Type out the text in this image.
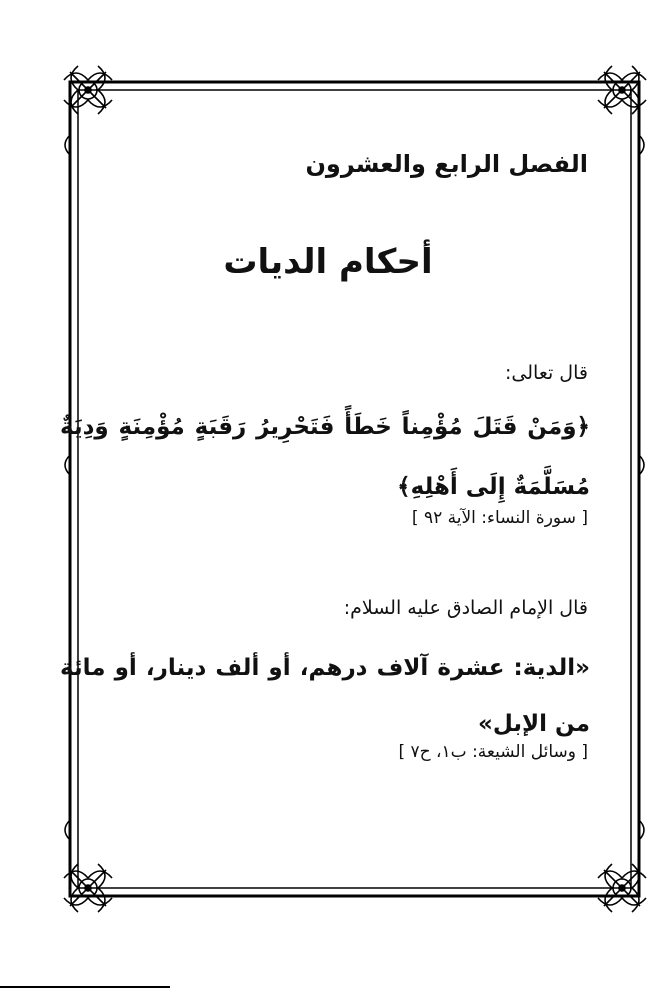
الفصل الرابع والعشرون

أحكام الديات

قال تعالى:

﴿وَمَنْ قَتَلَ مُؤْمِناً خَطَأً فَتَحْرِيرُ رَقَبَةٍ مُؤْمِنَةٍ وَدِيَةٌ مُسَلَّمَةٌ إِلَى أَهْلِهِ﴾

[ سورة النساء: الآية ٩٢ ]

قال الإمام الصادق عليه السلام:

«الدية: عشرة آلاف درهم، أو ألف دينار، أو مائة من الإبل»

[ وسائل الشيعة: ب١، ح٧ ]
